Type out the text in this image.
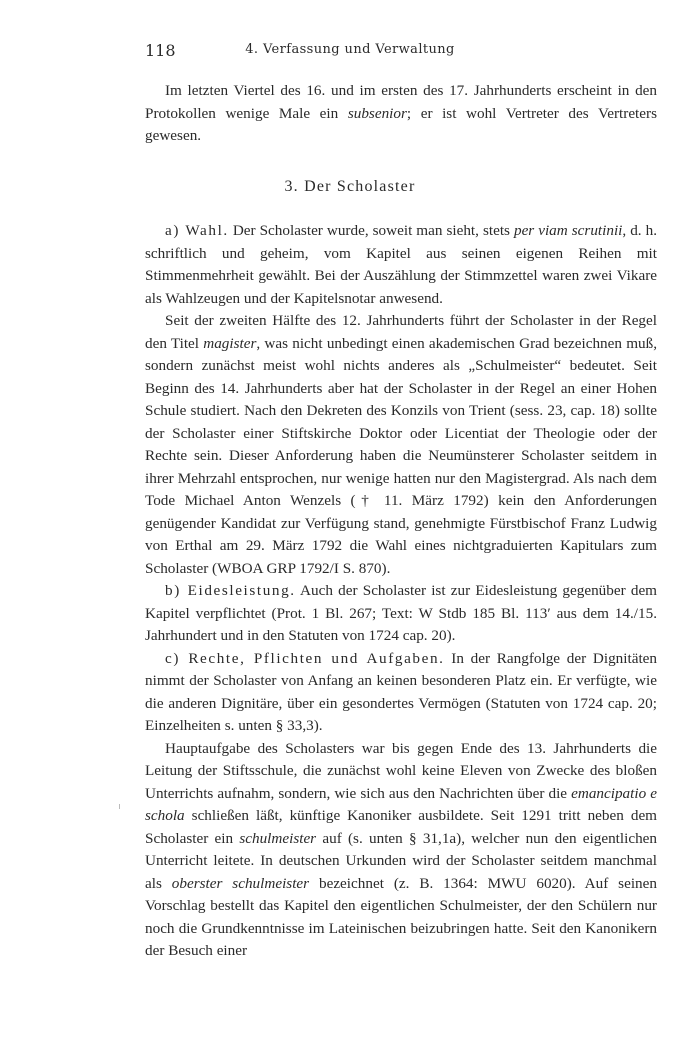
118	4. Verfassung und Verwaltung

Im letzten Viertel des 16. und im ersten des 17. Jahrhunderts erscheint in den Protokollen wenige Male ein subsenior; er ist wohl Vertreter des Vertreters gewesen.

3. Der Scholaster

a) Wahl. Der Scholaster wurde, soweit man sieht, stets per viam scrutinii, d. h. schriftlich und geheim, vom Kapitel aus seinen eigenen Reihen mit Stimmenmehrheit gewählt. Bei der Auszählung der Stimmzettel waren zwei Vikare als Wahlzeugen und der Kapitelsnotar anwesend.

Seit der zweiten Hälfte des 12. Jahrhunderts führt der Scholaster in der Regel den Titel magister, was nicht unbedingt einen akademischen Grad bezeichnen muß, sondern zunächst meist wohl nichts anderes als „Schulmeister“ bedeutet. Seit Beginn des 14. Jahrhunderts aber hat der Scholaster in der Regel an einer Hohen Schule studiert. Nach den Dekreten des Konzils von Trient (sess. 23, cap. 18) sollte der Scholaster einer Stiftskirche Doktor oder Licentiat der Theologie oder der Rechte sein. Dieser Anforderung haben die Neumünsterer Scholaster seitdem in ihrer Mehrzahl entsprochen, nur wenige hatten nur den Magistergrad. Als nach dem Tode Michael Anton Wenzels († 11. März 1792) kein den Anforderungen genügender Kandidat zur Verfügung stand, genehmigte Fürstbischof Franz Ludwig von Erthal am 29. März 1792 die Wahl eines nichtgraduierten Kapitulars zum Scholaster (WBOA GRP 1792/I S. 870).

b) Eidesleistung. Auch der Scholaster ist zur Eidesleistung gegenüber dem Kapitel verpflichtet (Prot. 1 Bl. 267; Text: W Stdb 185 Bl. 113′ aus dem 14./15. Jahrhundert und in den Statuten von 1724 cap. 20).

c) Rechte, Pflichten und Aufgaben. In der Rangfolge der Dignitäten nimmt der Scholaster von Anfang an keinen besonderen Platz ein. Er verfügte, wie die anderen Dignitäre, über ein gesondertes Vermögen (Statuten von 1724 cap. 20; Einzelheiten s. unten § 33,3).

Hauptaufgabe des Scholasters war bis gegen Ende des 13. Jahrhunderts die Leitung der Stiftsschule, die zunächst wohl keine Eleven von Zwecke des bloßen Unterrichts aufnahm, sondern, wie sich aus den Nachrichten über die emancipatio e schola schließen läßt, künftige Kanoniker ausbildete. Seit 1291 tritt neben dem Scholaster ein schulmeister auf (s. unten § 31,1a), welcher nun den eigentlichen Unterricht leitete. In deutschen Urkunden wird der Scholaster seitdem manchmal als oberster schulmeister bezeichnet (z. B. 1364: MWU 6020). Auf seinen Vorschlag bestellt das Kapitel den eigentlichen Schulmeister, der den Schülern nur noch die Grundkenntnisse im Lateinischen beizubringen hatte. Seit den Kanonikern der Besuch einer
